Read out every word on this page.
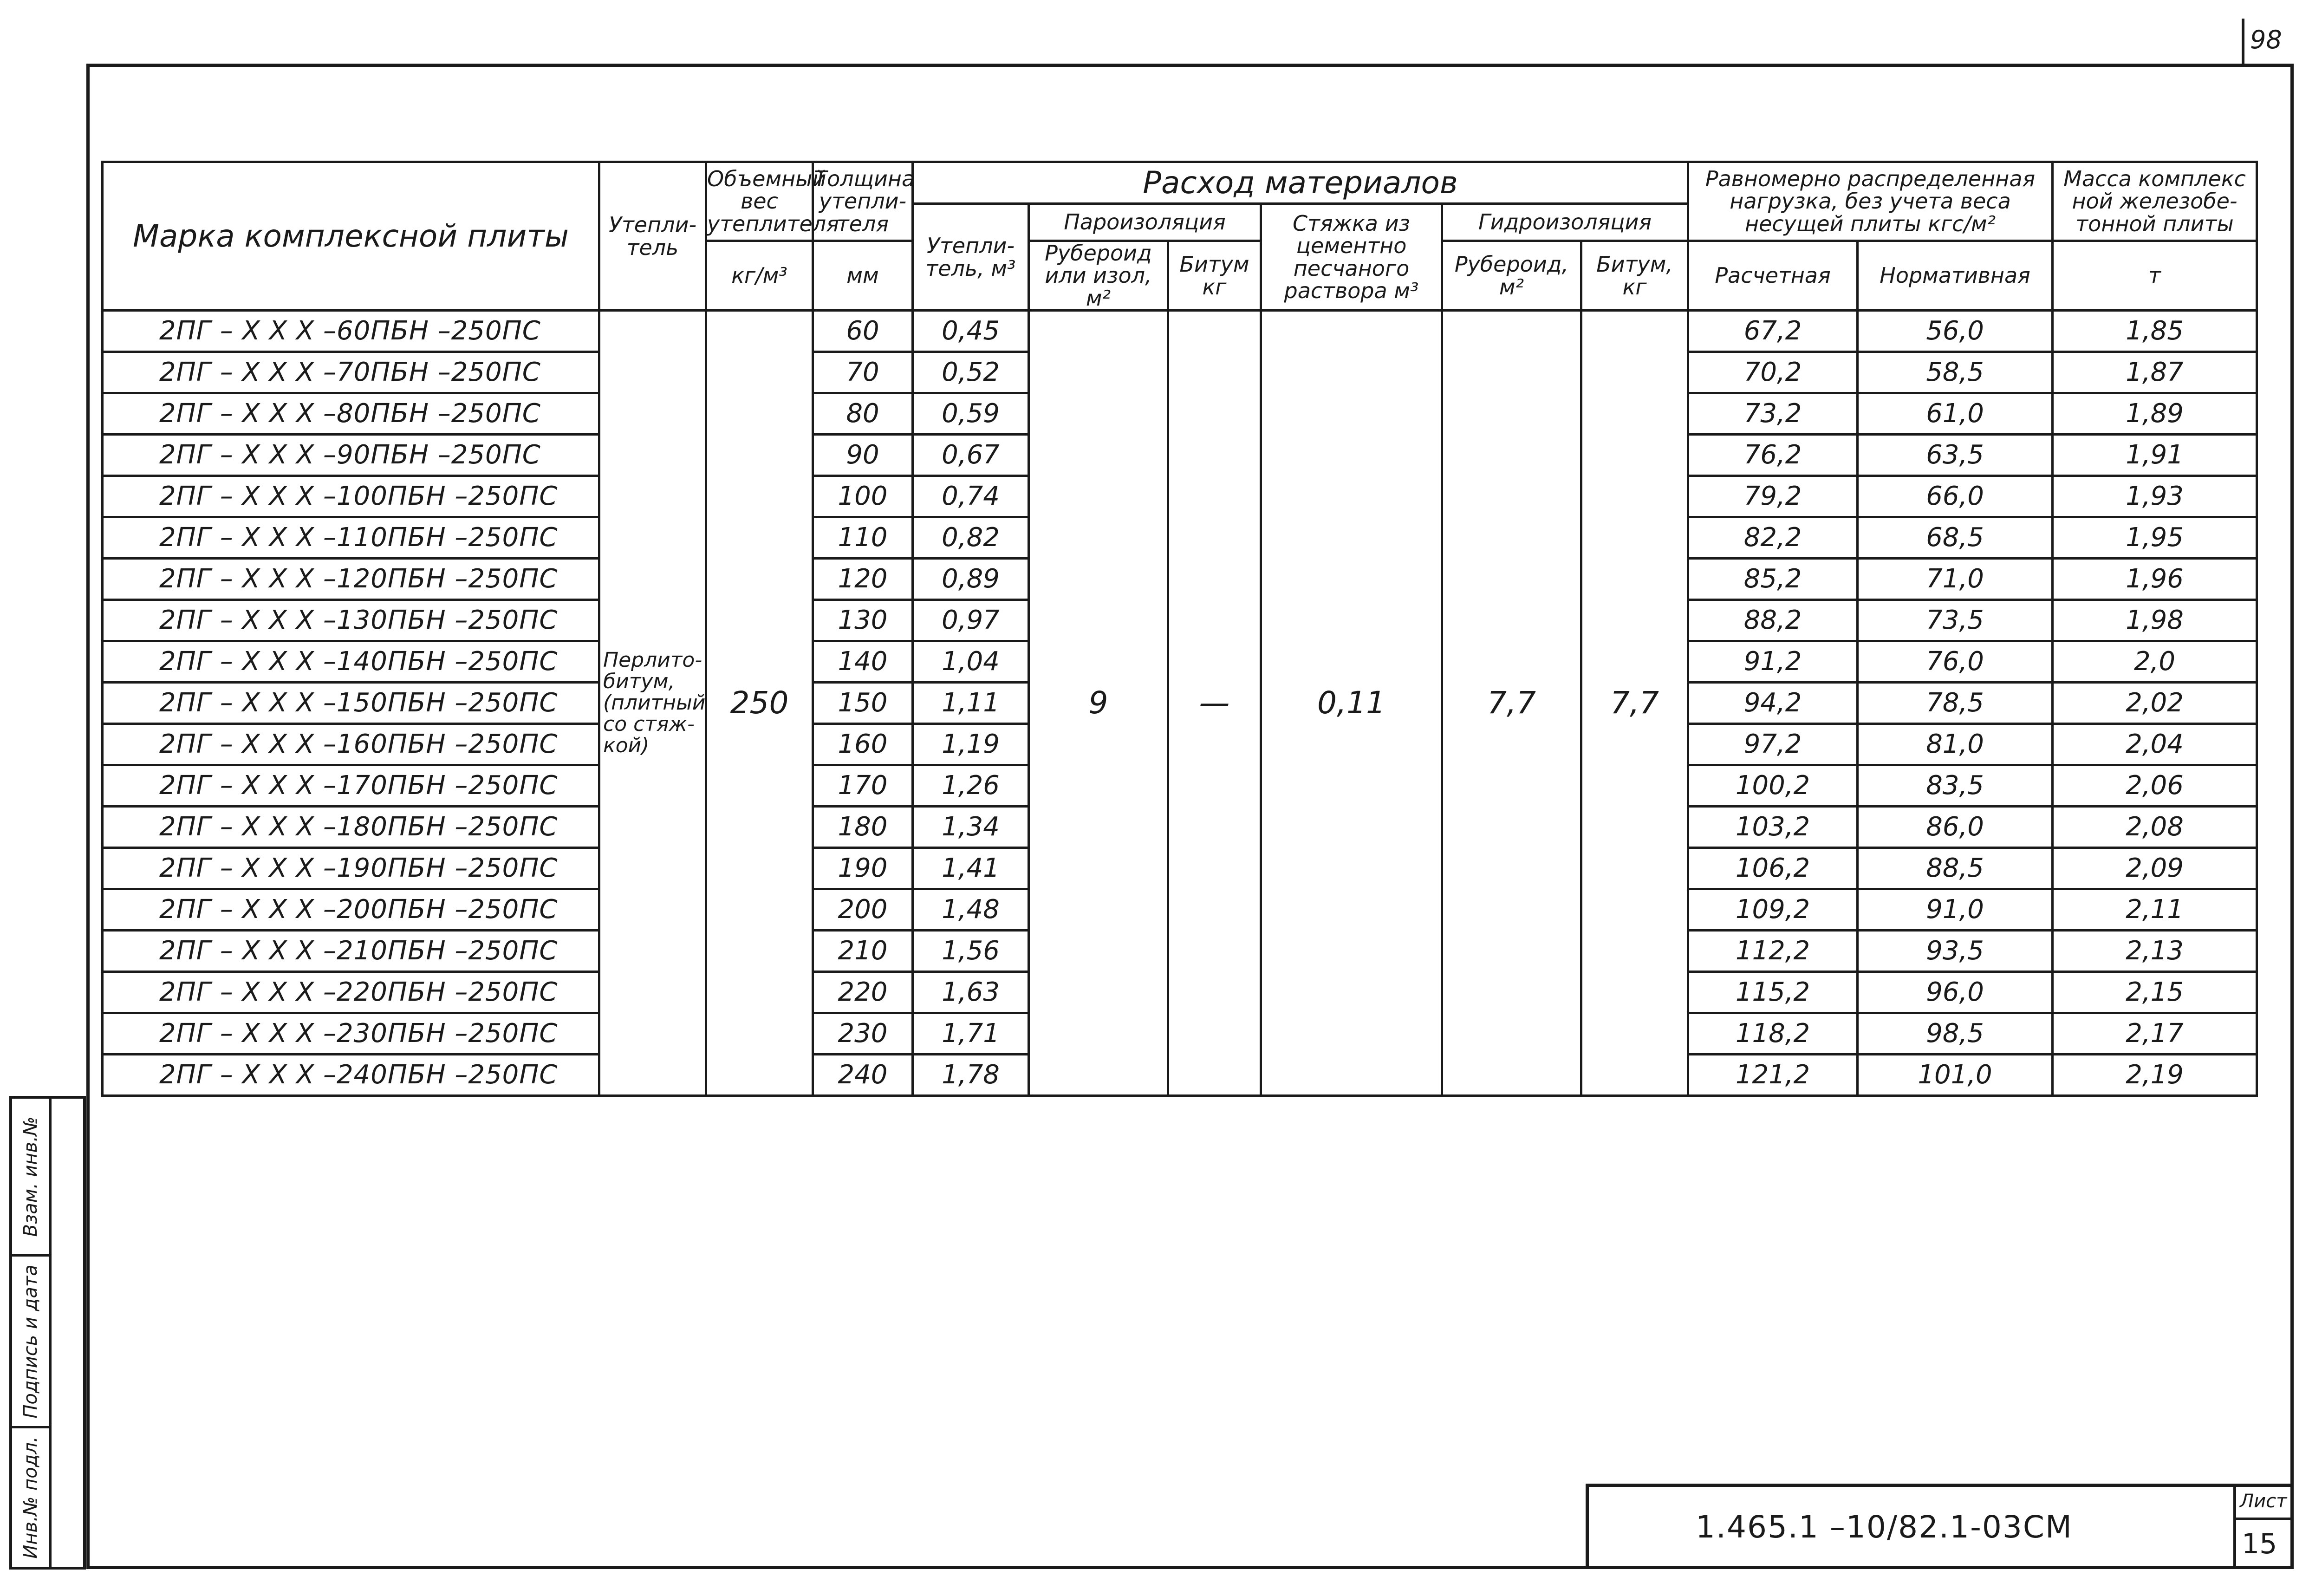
98
Взам. инв.№
Подпись и дата
Инв.№ подл.
Марка комплексной плиты	Утепли-тель	Объемный вес утеплителя	Толщина утепли-теля	Расход материалов						Равномерно распределенная нагрузка, без учета веса несущей плиты кгс/м²		Масса комплекс ной железобе-тонной плиты
				Утепли-тель, м³	Пароизоляция		Стяжка из цементно песчаного раствора м³	Гидроизоляция				
		кг/м³	мм		Рубероид или изол, м²	Битум кг		Рубероид, м²	Битум, кг	Расчетная	Нормативная	т
2ПГ – Х Х Х –60ПБН –250ПС	Перлито-битум, (плитный со стяж-кой)	250	60	0,45	9	—	0,11	7,7	7,7	67,2	56,0	1,85
2ПГ – Х Х Х –70ПБН –250ПС			70	0,52						70,2	58,5	1,87
2ПГ – Х Х Х –80ПБН –250ПС			80	0,59						73,2	61,0	1,89
2ПГ – Х Х Х –90ПБН –250ПС			90	0,67						76,2	63,5	1,91
2ПГ – Х Х Х –100ПБН –250ПС			100	0,74						79,2	66,0	1,93
2ПГ – Х Х Х –110ПБН –250ПС			110	0,82						82,2	68,5	1,95
2ПГ – Х Х Х –120ПБН –250ПС			120	0,89						85,2	71,0	1,96
2ПГ – Х Х Х –130ПБН –250ПС			130	0,97						88,2	73,5	1,98
2ПГ – Х Х Х –140ПБН –250ПС			140	1,04						91,2	76,0	2,0
2ПГ – Х Х Х –150ПБН –250ПС			150	1,11						94,2	78,5	2,02
2ПГ – Х Х Х –160ПБН –250ПС			160	1,19						97,2	81,0	2,04
2ПГ – Х Х Х –170ПБН –250ПС			170	1,26						100,2	83,5	2,06
2ПГ – Х Х Х –180ПБН –250ПС			180	1,34						103,2	86,0	2,08
2ПГ – Х Х Х –190ПБН –250ПС			190	1,41						106,2	88,5	2,09
2ПГ – Х Х Х –200ПБН –250ПС			200	1,48						109,2	91,0	2,11
2ПГ – Х Х Х –210ПБН –250ПС			210	1,56						112,2	93,5	2,13
2ПГ – Х Х Х –220ПБН –250ПС			220	1,63						115,2	96,0	2,15
2ПГ – Х Х Х –230ПБН –250ПС			230	1,71						118,2	98,5	2,17
2ПГ – Х Х Х –240ПБН –250ПС			240	1,78						121,2	101,0	2,19
1.465.1 –10/82.1-03СМ
Лист
15
